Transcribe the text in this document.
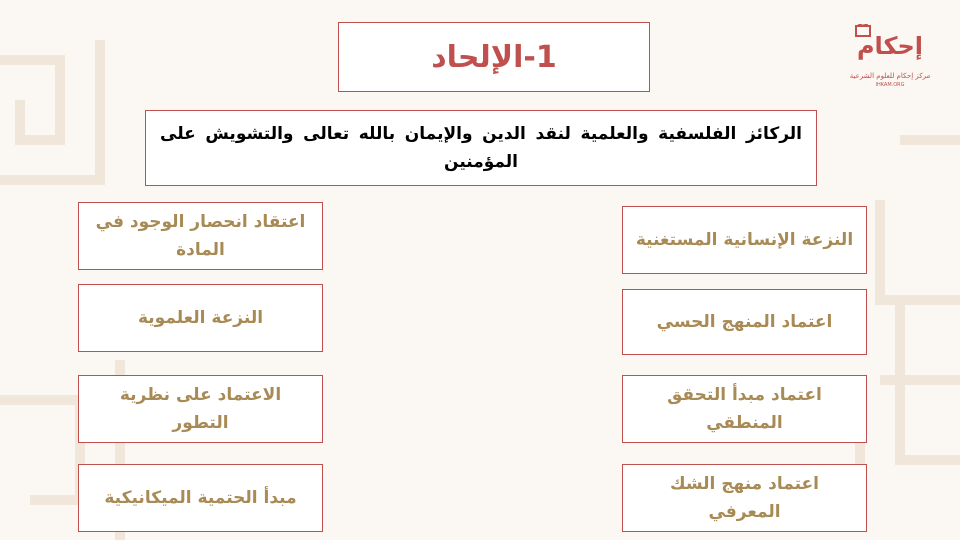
1-الإلحاد
الركائز الفلسفية والعلمية لنقد الدين والإيمان بالله تعالى والتشويش على المؤمنين
النزعة الإنسانية المستغنية
اعتماد المنهج الحسي
اعتماد مبدأ التحقق المنطقي
اعتماد منهج الشك المعرفي
اعتقاد انحصار الوجود في المادة
النزعة العلموية
الاعتماد على نظرية التطور
مبدأ الحتمية الميكانيكية
إحكام
مركز إحكام للعلوم الشرعية
IHKAM.ORG
